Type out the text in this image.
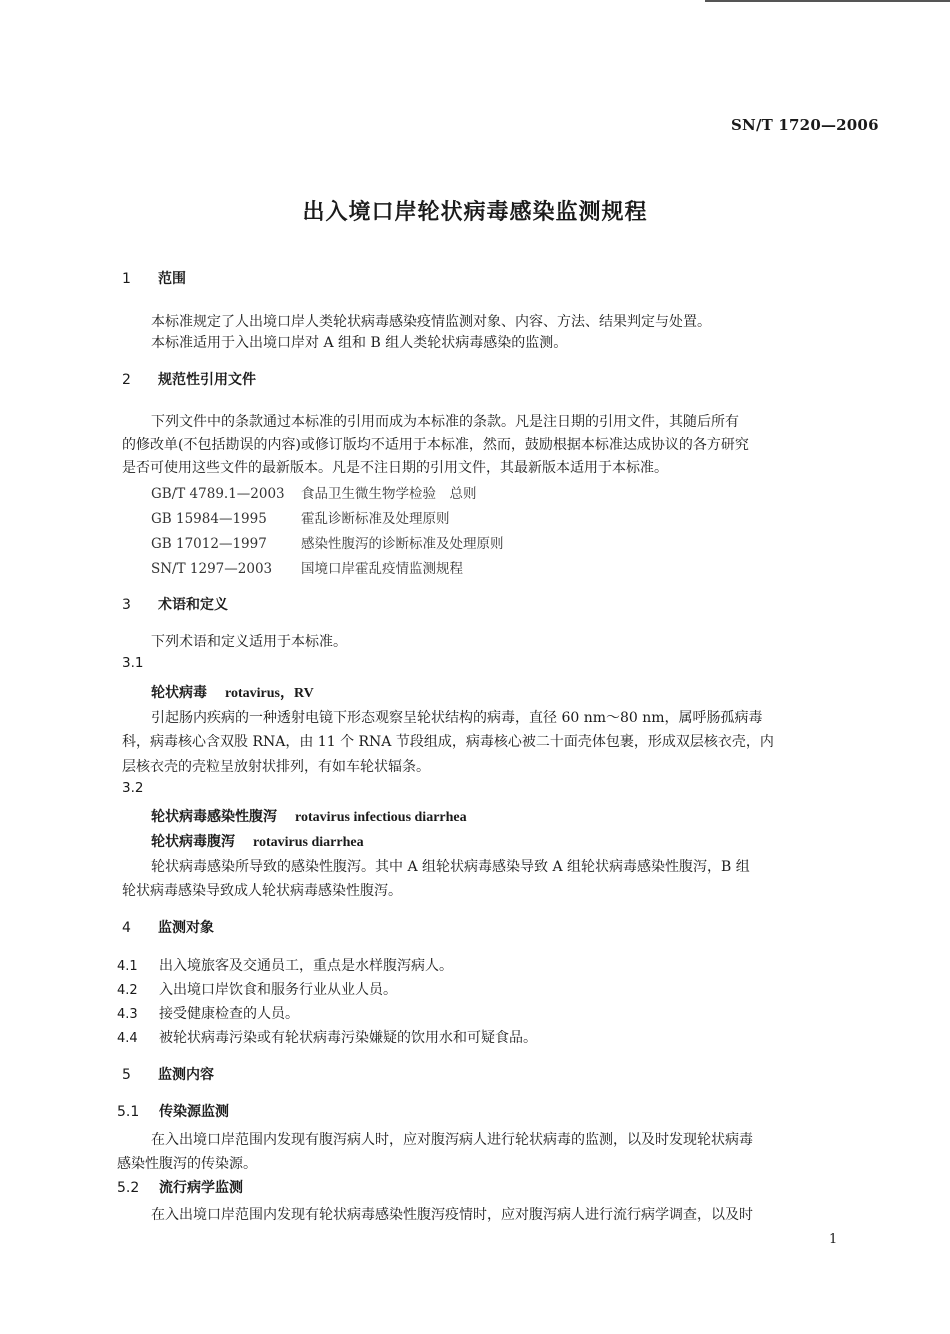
SN/T 1720—2006
出入境口岸轮状病毒感染监测规程
1 范围
本标准规定了人出境口岸人类轮状病毒感染疫情监测对象、内容、方法、结果判定与处置。
本标准适用于入出境口岸对 A 组和 B 组人类轮状病毒感染的监测。
2 规范性引用文件
下列文件中的条款通过本标准的引用而成为本标准的条款。凡是注日期的引用文件，其随后所有
的修改单(不包括勘误的内容)或修订版均不适用于本标准，然而，鼓励根据本标准达成协议的各方研究
是否可使用这些文件的最新版本。凡是不注日期的引用文件，其最新版本适用于本标准。
GB/T 4789.1—2003 食品卫生微生物学检验　总则
GB 15984—1995	霍乱诊断标准及处理原则
GB 17012—1997	感染性腹泻的诊断标准及处理原则
SN/T 1297—2003 国境口岸霍乱疫情监测规程
3 术语和定义
下列术语和定义适用于本标准。
3.1
轮状病毒 rotavirus，RV
引起肠内疾病的一种透射电镜下形态观察呈轮状结构的病毒，直径 60 nm～80 nm，属呼肠孤病毒
科，病毒核心含双股 RNA，由 11 个 RNA 节段组成，病毒核心被二十面壳体包裹，形成双层核衣壳，内
层核衣壳的壳粒呈放射状排列，有如车轮状辐条。
3.2
轮状病毒感染性腹泻 rotavirus infectious diarrhea
轮状病毒腹泻 rotavirus diarrhea
轮状病毒感染所导致的感染性腹泻。其中 A 组轮状病毒感染导致 A 组轮状病毒感染性腹泻，B 组
轮状病毒感染导致成人轮状病毒感染性腹泻。
4 监测对象
4.1 出入境旅客及交通员工，重点是水样腹泻病人。
4.2 入出境口岸饮食和服务行业从业人员。
4.3 接受健康检查的人员。
4.4 被轮状病毒污染或有轮状病毒污染嫌疑的饮用水和可疑食品。
5 监测内容
5.1 传染源监测
在入出境口岸范围内发现有腹泻病人时，应对腹泻病人进行轮状病毒的监测，以及时发现轮状病毒
感染性腹泻的传染源。
5.2 流行病学监测
在入出境口岸范围内发现有轮状病毒感染性腹泻疫情时，应对腹泻病人进行流行病学调查，以及时
1
